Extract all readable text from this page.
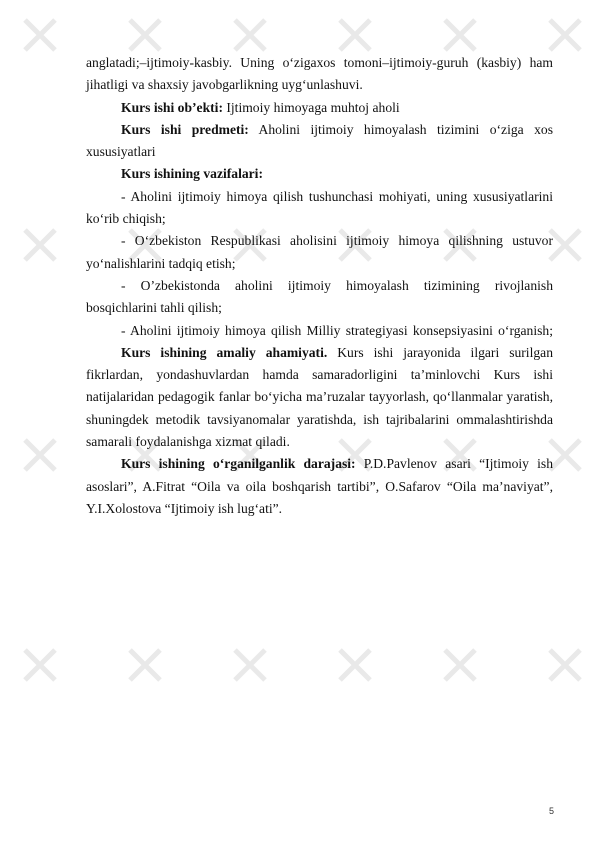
anglatadi;–ijtimoiy-kasbiy. Uning o‘zigaxos tomoni–ijtimoiy-guruh (kasbiy) ham jihatligi va shaxsiy javobgarlikning uyg‘unlashuvi.

Kurs ishi ob’ekti: Ijtimoiy himoyaga muhtoj aholi

Kurs ishi predmeti: Aholini ijtimoiy himoyalash tizimini o‘ziga xos xususiyatlari

Kurs ishining vazifalari:

- Aholini ijtimoiy himoya qilish tushunchasi mohiyati, uning xususiyatlarini ko‘rib chiqish;

- O‘zbekiston Respublikasi aholisini ijtimoiy himoya qilishning ustuvor yo‘nalishlarini tadqiq etish;

- O’zbekistonda aholini ijtimoiy himoyalash tizimining rivojlanish bosqichlarini tahli qilish;

- Aholini ijtimoiy himoya qilish Milliy strategiyasi konsepsiyasini o‘rganish;

Kurs ishining amaliy ahamiyati. Kurs ishi jarayonida ilgari surilgan fikrlardan, yondashuvlardan hamda samaradorligini ta’minlovchi Kurs ishi natijalaridan pedagogik fanlar bo‘yicha ma’ruzalar tayyorlash, qo‘llanmalar yaratish, shuningdek metodik tavsiyanomalar yaratishda, ish tajribalarini ommalashtirishda samarali foydalanishga xizmat qiladi.

Kurs ishining o‘rganilganlik darajasi: P.D.Pavlenov asari “Ijtimoiy ish asoslari”, A.Fitrat “Oila va oila boshqarish tartibi”, O.Safarov “Oila ma’naviyat”, Y.I.Xolostova “Ijtimoiy ish lug‘ati”.

5
